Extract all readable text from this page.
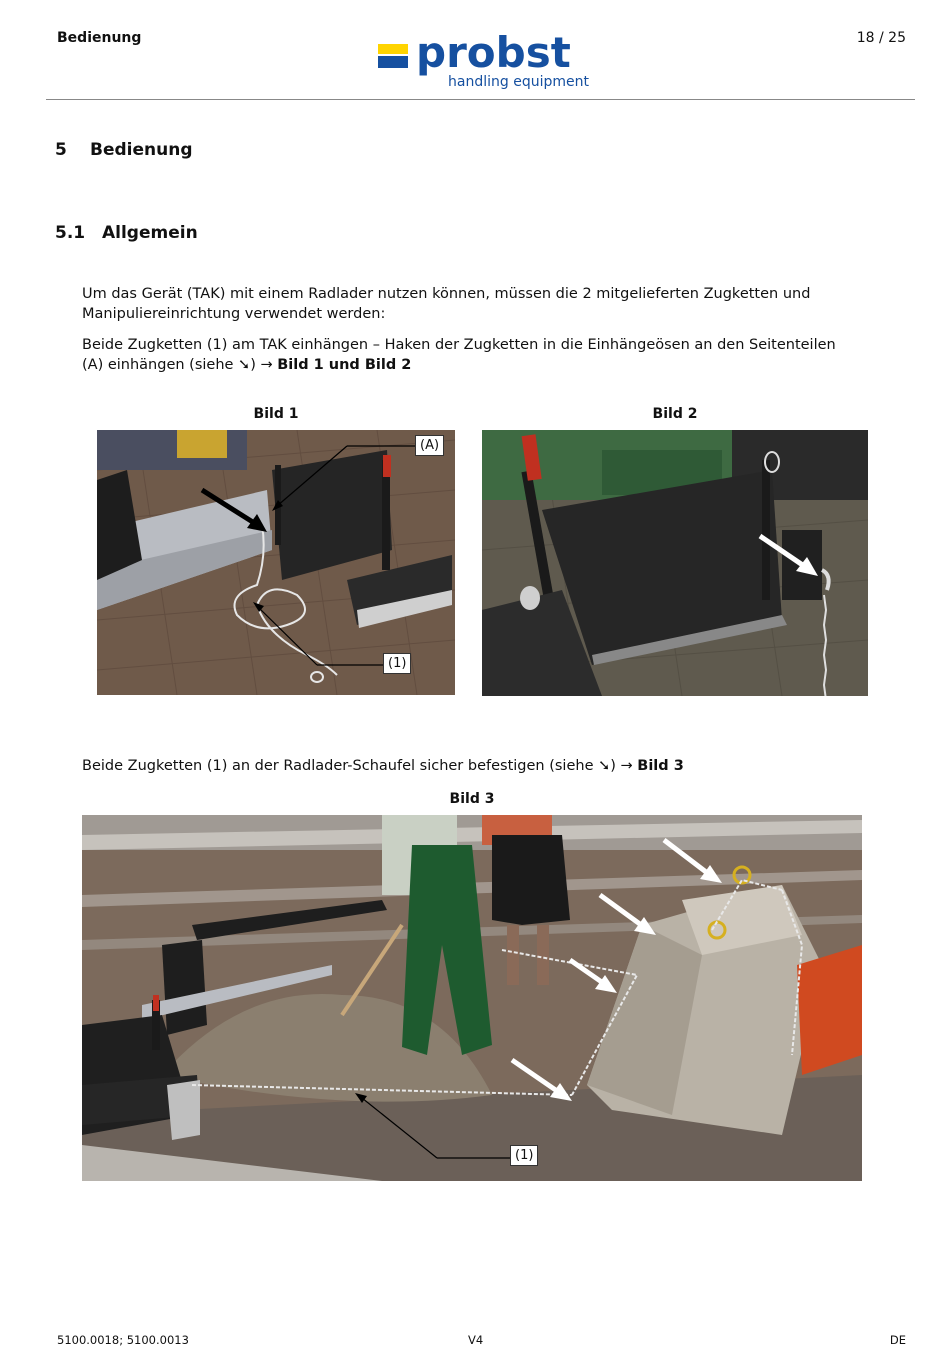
Bedienung	probst
handling equipment
18 / 25
5 Bedienung
5.1 Allgemein
Um das Gerät (TAK) mit einem Radlader nutzen können, müssen die 2 mitgelieferten Zugketten und Manipuliereinrichtung verwendet werden:
Beide Zugketten (1) am TAK einhängen – Haken der Zugketten in die Einhängeösen an den Seitenteilen (A) einhängen (siehe ➘) → Bild 1 und Bild 2
Bild 1	Bild 2
(A)
(1)
Beide Zugketten (1) an der Radlader-Schaufel sicher befestigen (siehe ➘) → Bild 3
Bild 3
(1)
5100.0018; 5100.0013	V4	DE
